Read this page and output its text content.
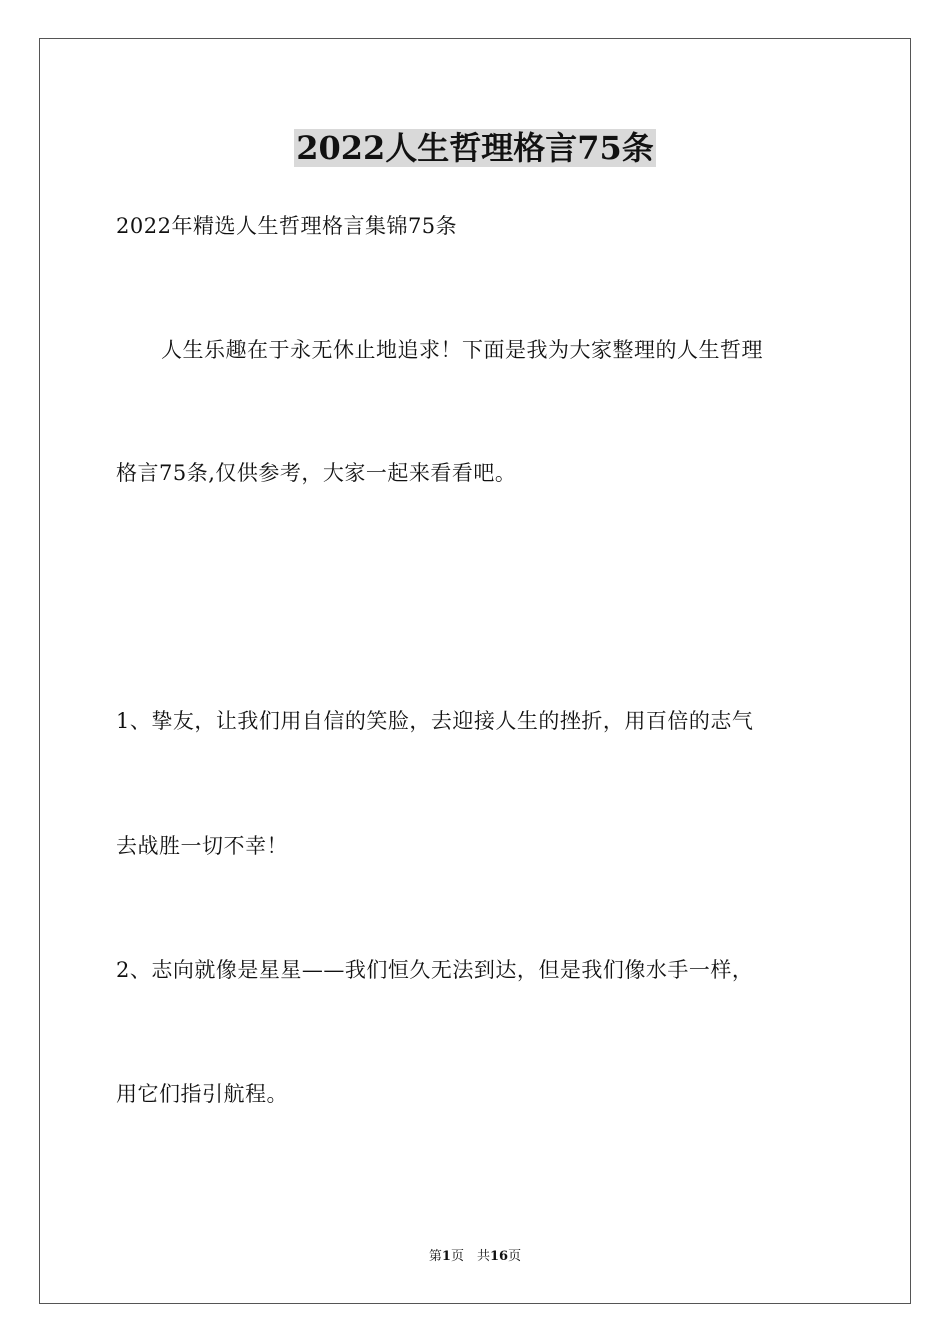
2022人生哲理格言75条
2022年精选人生哲理格言集锦75条
人生乐趣在于永无休止地追求！下面是我为大家整理的人生哲理
格言75条,仅供参考，大家一起来看看吧。
1、挚友，让我们用自信的笑脸，去迎接人生的挫折，用百倍的志气
去战胜一切不幸！
2、志向就像是星星——我们恒久无法到达，但是我们像水手一样，
用它们指引航程。
第1页　共16页
